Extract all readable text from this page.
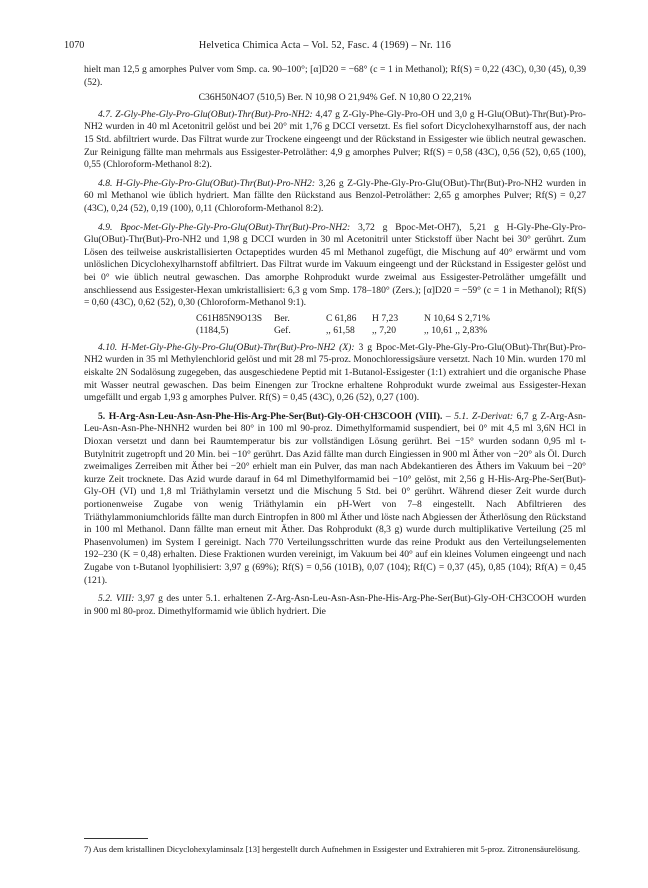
1070	Helvetica Chimica Acta – Vol. 52, Fasc. 4 (1969) – Nr. 116

hielt man 12,5 g amorphes Pulver vom Smp. ca. 90–100°; [α]D20 = −68° (c = 1 in Methanol); Rf(S) = 0,22 (43C), 0,30 (45), 0,39 (52).

C36H50N4O7 (510,5) Ber. N 10,98 O 21,94% Gef. N 10,80 O 22,21%

4.7. Z-Gly-Phe-Gly-Pro-Glu(OBut)-Thr(But)-Pro-NH2: 4,47 g Z-Gly-Phe-Gly-Pro-OH und 3,0 g H-Glu(OBut)-Thr(But)-Pro-NH2 wurden in 40 ml Acetonitril gelöst und bei 20° mit 1,76 g DCCI versetzt. Es fiel sofort Dicyclohexylharnstoff aus, der nach 15 Std. abfiltriert wurde. Das Filtrat wurde zur Trockene eingeengt und der Rückstand in Essigester wie üblich neutral gewaschen. Zur Reinigung fällte man mehrmals aus Essigester-Petroläther: 4,9 g amorphes Pulver; Rf(S) = 0,58 (43C), 0,56 (52), 0,65 (100), 0,55 (Chloroform-Methanol 8:2).

4.8. H-Gly-Phe-Gly-Pro-Glu(OBut)-Thr(But)-Pro-NH2: 3,26 g Z-Gly-Phe-Gly-Pro-Glu(OBut)-Thr(But)-Pro-NH2 wurden in 60 ml Methanol wie üblich hydriert. Man fällte den Rückstand aus Benzol-Petroläther: 2,65 g amorphes Pulver; Rf(S) = 0,27 (43C), 0,24 (52), 0,19 (100), 0,11 (Chloroform-Methanol 8:2).

4.9. Bpoc-Met-Gly-Phe-Gly-Pro-Glu(OBut)-Thr(But)-Pro-NH2: 3,72 g Bpoc-Met-OH7), 5,21 g H-Gly-Phe-Gly-Pro-Glu(OBut)-Thr(But)-Pro-NH2 und 1,98 g DCCI wurden in 30 ml Acetonitril unter Stickstoff über Nacht bei 30° gerührt. Zum Lösen des teilweise auskristallisierten Octapeptides wurden 45 ml Methanol zugefügt, die Mischung auf 40° erwärmt und vom unlöslichen Dicyclohexylharnstoff abfiltriert. Das Filtrat wurde im Vakuum eingeengt und der Rückstand in Essigester gelöst und bei 0° wie üblich neutral gewaschen. Das amorphe Rohprodukt wurde zweimal aus Essigester-Petroläther umgefällt und anschliessend aus Essigester-Hexan umkristallisiert: 6,3 g vom Smp. 178–180° (Zers.); [α]D20 = −59° (c = 1 in Methanol); Rf(S) = 0,60 (43C), 0,62 (52), 0,30 (Chloroform-Methanol 9:1).

C61H85N9O13S	Ber.	C 61,86	H 7,23	N 10,64 S 2,71%
(1184,5)	Gef.	,, 61,58	,, 7,20	,, 10,61 ,, 2,83%

4.10. H-Met-Gly-Phe-Gly-Pro-Glu(OBut)-Thr(But)-Pro-NH2 (X): 3 g Bpoc-Met-Gly-Phe-Gly-Pro-Glu(OBut)-Thr(But)-Pro-NH2 wurden in 35 ml Methylenchlorid gelöst und mit 28 ml 75-proz. Monochloressigsäure versetzt. Nach 10 Min. wurden 170 ml eiskalte 2N Sodalösung zugegeben, das ausgeschiedene Peptid mit 1-Butanol-Essigester (1:1) extrahiert und die organische Phase mit Wasser neutral gewaschen. Das beim Einengen zur Trockne erhaltene Rohprodukt wurde zweimal aus Essigester-Hexan umgefällt und ergab 1,93 g amorphes Pulver. Rf(S) = 0,45 (43C), 0,26 (52), 0,27 (100).

5. H-Arg-Asn-Leu-Asn-Asn-Phe-His-Arg-Phe-Ser(But)-Gly-OH·CH3COOH (VIII). – 5.1. Z-Derivat: 6,7 g Z-Arg-Asn-Leu-Asn-Asn-Phe-NHNH2 wurden bei 80° in 100 ml 90-proz. Dimethylformamid suspendiert, bei 0° mit 4,5 ml 3,6N HCl in Dioxan versetzt und dann bei Raumtemperatur bis zur vollständigen Lösung gerührt. Bei −15° wurden sodann 0,95 ml t-Butylnitrit zugetropft und 20 Min. bei −10° gerührt. Das Azid fällte man durch Eingiessen in 900 ml Äther von −20° als Öl. Durch zweimaliges Zerreiben mit Äther bei −20° erhielt man ein Pulver, das man nach Abdekantieren des Äthers im Vakuum bei −20° kurze Zeit trocknete. Das Azid wurde darauf in 64 ml Dimethylformamid bei −10° gelöst, mit 2,56 g H-His-Arg-Phe-Ser(But)-Gly-OH (VI) und 1,8 ml Triäthylamin versetzt und die Mischung 5 Std. bei 0° gerührt. Während dieser Zeit wurde durch portionenweise Zugabe von wenig Triäthylamin ein pH-Wert von 7–8 eingestellt. Nach Abfiltrieren des Triäthylammoniumchlorids fällte man durch Eintropfen in 800 ml Äther und löste nach Abgiessen der Ätherlösung den Rückstand in 100 ml Methanol. Dann fällte man erneut mit Äther. Das Rohprodukt (8,3 g) wurde durch multiplikative Verteilung (25 ml Phasenvolumen) im System I gereinigt. Nach 770 Verteilungsschritten wurde das reine Produkt aus den Verteilungselementen 192–230 (K = 0,48) erhalten. Diese Fraktionen wurden vereinigt, im Vakuum bei 40° auf ein kleines Volumen eingeengt und nach Zugabe von t-Butanol lyophilisiert: 3,97 g (69%); Rf(S) = 0,56 (101B), 0,07 (104); Rf(C) = 0,37 (45), 0,85 (104); Rf(A) = 0,45 (121).

5.2. VIII: 3,97 g des unter 5.1. erhaltenen Z-Arg-Asn-Leu-Asn-Asn-Phe-His-Arg-Phe-Ser(But)-Gly-OH·CH3COOH wurden in 900 ml 80-proz. Dimethylformamid wie üblich hydriert. Die

7) Aus dem kristallinen Dicyclohexylaminsalz [13] hergestellt durch Aufnehmen in Essigester und Extrahieren mit 5-proz. Zitronensäurelösung.
